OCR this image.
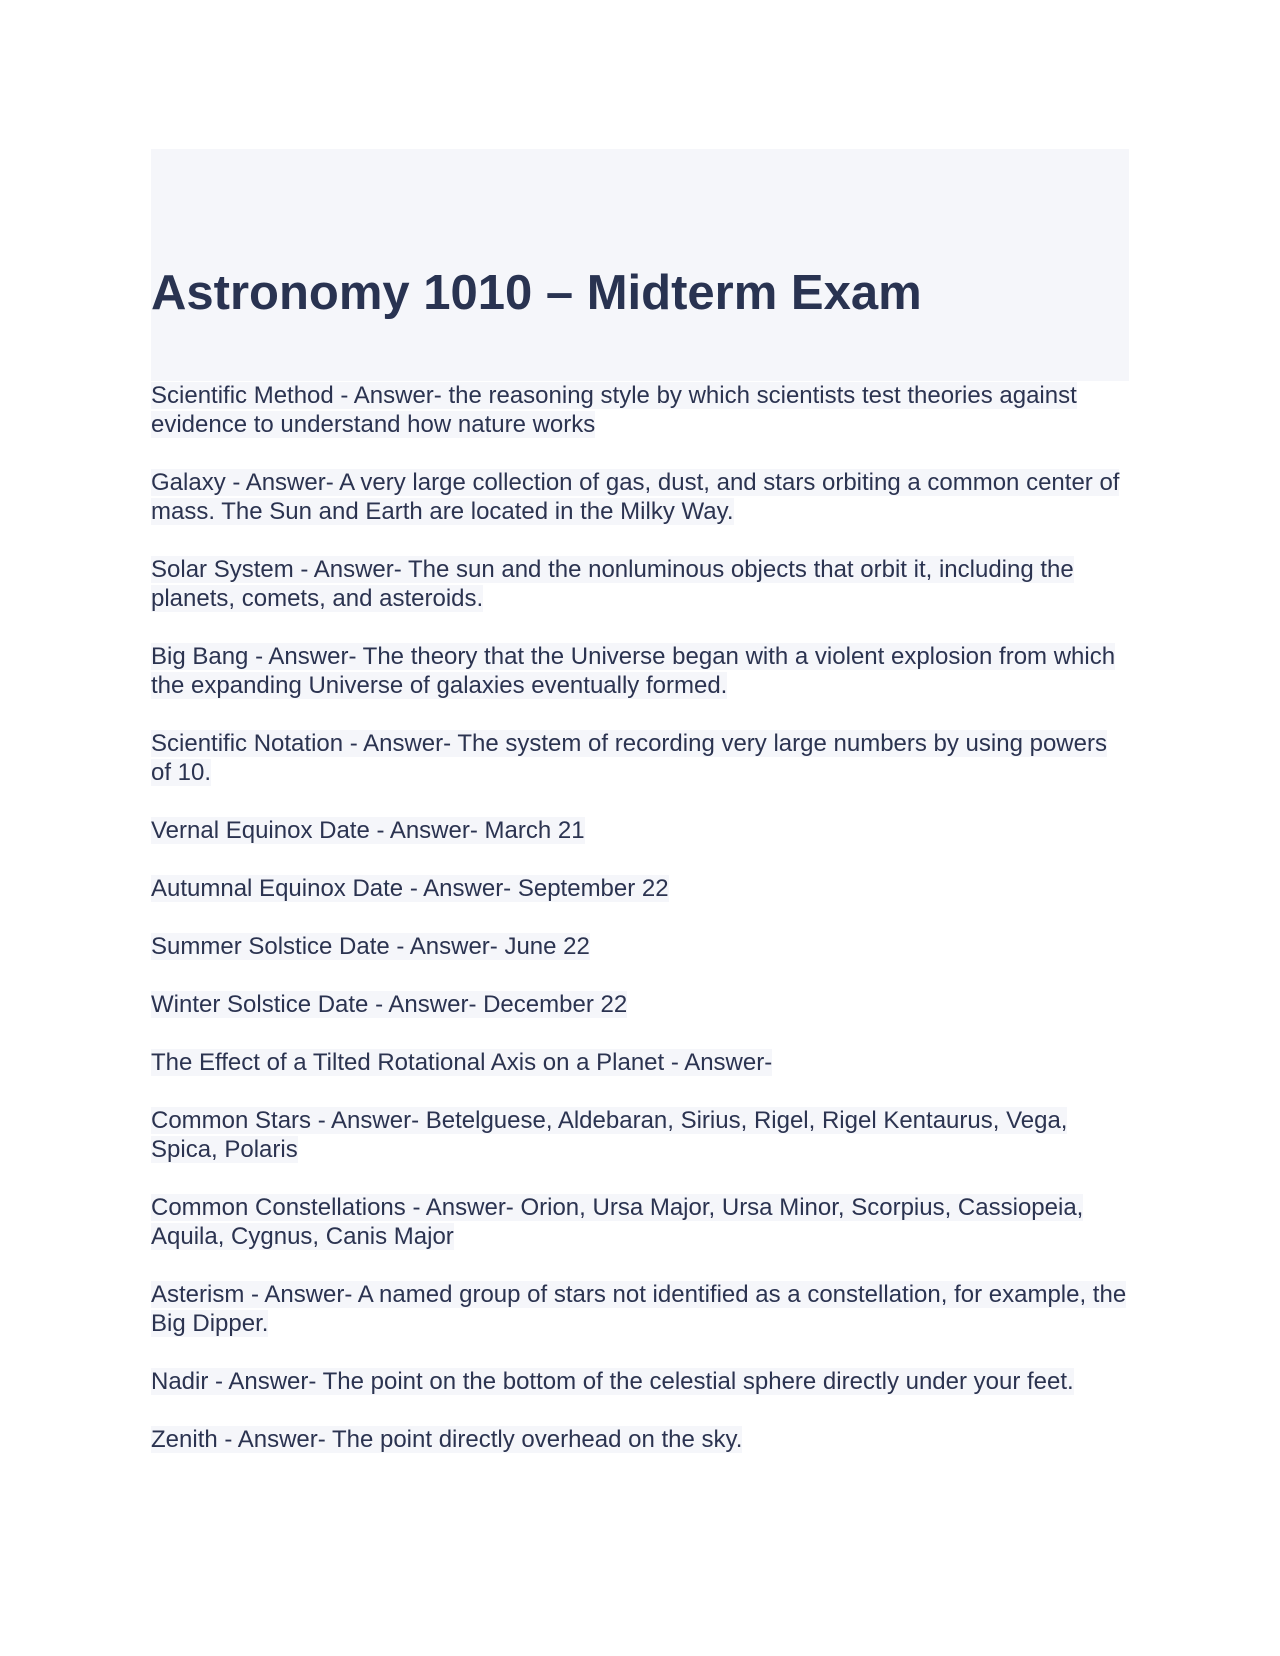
Astronomy 1010 – Midterm Exam

Scientific Method - Answer- the reasoning style by which scientists test theories against evidence to understand how nature works

Galaxy - Answer- A very large collection of gas, dust, and stars orbiting a common center of mass. The Sun and Earth are located in the Milky Way.

Solar System - Answer- The sun and the nonluminous objects that orbit it, including the planets, comets, and asteroids.

Big Bang - Answer- The theory that the Universe began with a violent explosion from which the expanding Universe of galaxies eventually formed.

Scientific Notation - Answer- The system of recording very large numbers by using powers of 10.

Vernal Equinox Date - Answer- March 21

Autumnal Equinox Date - Answer- September 22

Summer Solstice Date - Answer- June 22

Winter Solstice Date - Answer- December 22

The Effect of a Tilted Rotational Axis on a Planet - Answer-

Common Stars - Answer- Betelguese, Aldebaran, Sirius, Rigel, Rigel Kentaurus, Vega, Spica, Polaris

Common Constellations - Answer- Orion, Ursa Major, Ursa Minor, Scorpius, Cassiopeia, Aquila, Cygnus, Canis Major

Asterism - Answer- A named group of stars not identified as a constellation, for example, the Big Dipper.

Nadir - Answer- The point on the bottom of the celestial sphere directly under your feet.

Zenith - Answer- The point directly overhead on the sky.
